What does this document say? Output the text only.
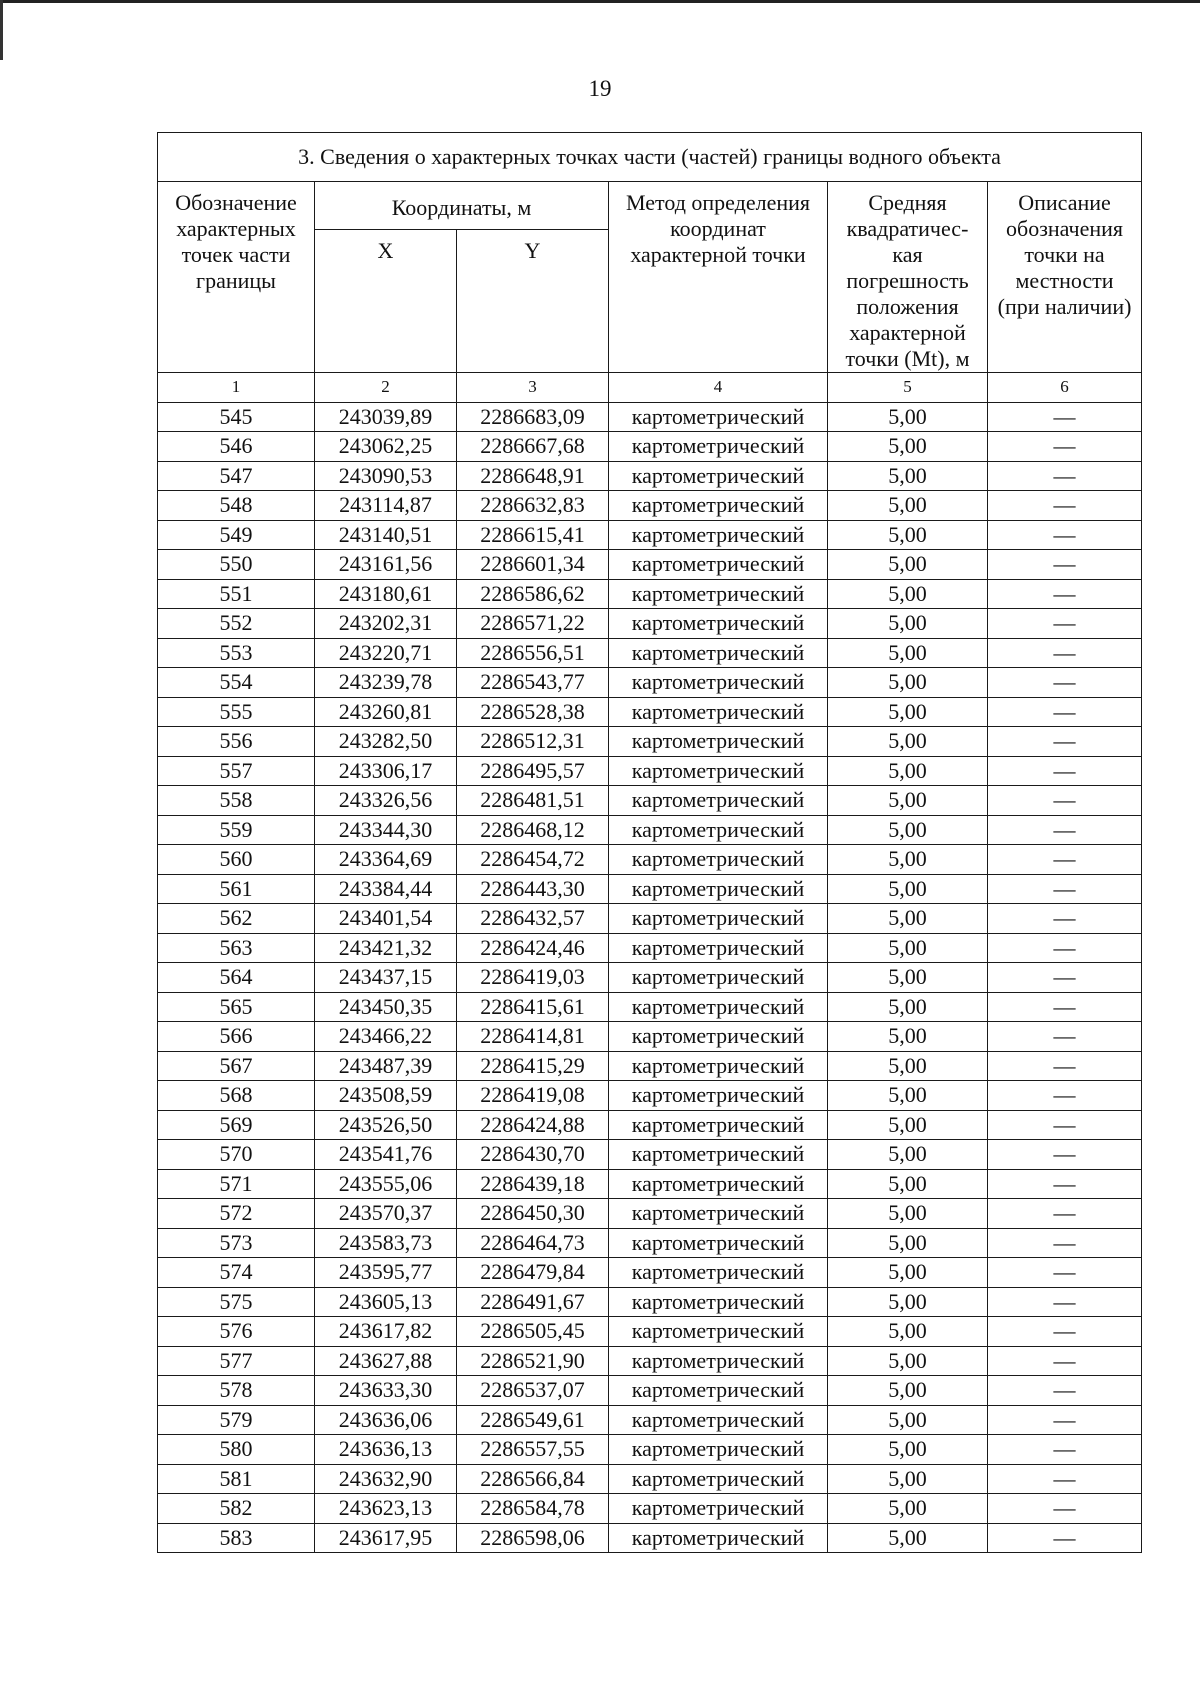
19
3. Сведения о характерных точках части (частей) границы водного объекта					
Обозначение характерных точек части границы	Координаты, м		Метод определения координат характерной точки	Средняя квадратичес-кая погрешность положения характерной точки (Mt), м	Описание обозначения точки на местности (при наличии)
	X	Y			
1	2	3	4	5	6
545	243039,89	2286683,09	картометрический	5,00	—
546	243062,25	2286667,68	картометрический	5,00	—
547	243090,53	2286648,91	картометрический	5,00	—
548	243114,87	2286632,83	картометрический	5,00	—
549	243140,51	2286615,41	картометрический	5,00	—
550	243161,56	2286601,34	картометрический	5,00	—
551	243180,61	2286586,62	картометрический	5,00	—
552	243202,31	2286571,22	картометрический	5,00	—
553	243220,71	2286556,51	картометрический	5,00	—
554	243239,78	2286543,77	картометрический	5,00	—
555	243260,81	2286528,38	картометрический	5,00	—
556	243282,50	2286512,31	картометрический	5,00	—
557	243306,17	2286495,57	картометрический	5,00	—
558	243326,56	2286481,51	картометрический	5,00	—
559	243344,30	2286468,12	картометрический	5,00	—
560	243364,69	2286454,72	картометрический	5,00	—
561	243384,44	2286443,30	картометрический	5,00	—
562	243401,54	2286432,57	картометрический	5,00	—
563	243421,32	2286424,46	картометрический	5,00	—
564	243437,15	2286419,03	картометрический	5,00	—
565	243450,35	2286415,61	картометрический	5,00	—
566	243466,22	2286414,81	картометрический	5,00	—
567	243487,39	2286415,29	картометрический	5,00	—
568	243508,59	2286419,08	картометрический	5,00	—
569	243526,50	2286424,88	картометрический	5,00	—
570	243541,76	2286430,70	картометрический	5,00	—
571	243555,06	2286439,18	картометрический	5,00	—
572	243570,37	2286450,30	картометрический	5,00	—
573	243583,73	2286464,73	картометрический	5,00	—
574	243595,77	2286479,84	картометрический	5,00	—
575	243605,13	2286491,67	картометрический	5,00	—
576	243617,82	2286505,45	картометрический	5,00	—
577	243627,88	2286521,90	картометрический	5,00	—
578	243633,30	2286537,07	картометрический	5,00	—
579	243636,06	2286549,61	картометрический	5,00	—
580	243636,13	2286557,55	картометрический	5,00	—
581	243632,90	2286566,84	картометрический	5,00	—
582	243623,13	2286584,78	картометрический	5,00	—
583	243617,95	2286598,06	картометрический	5,00	—
